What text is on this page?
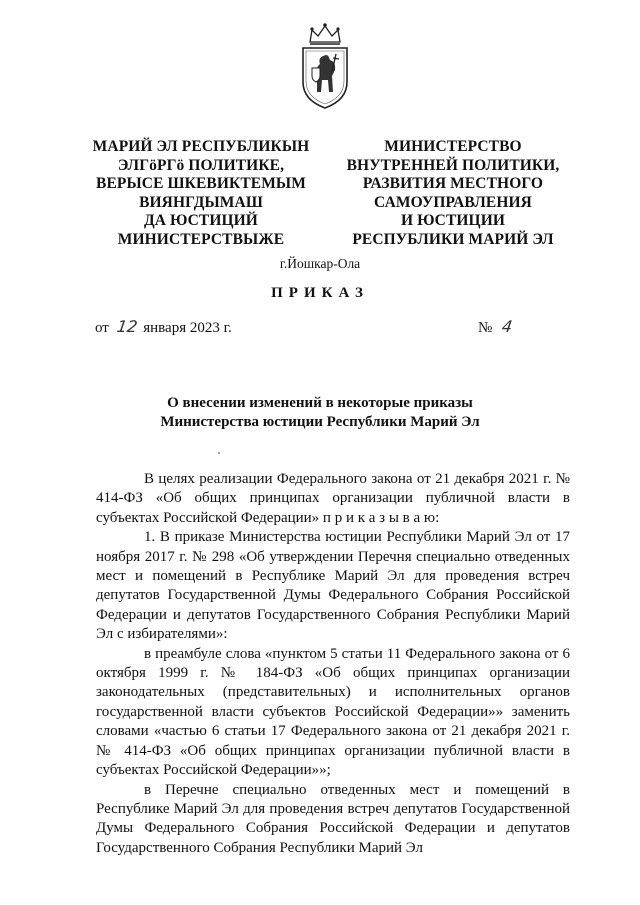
МАРИЙ ЭЛ РЕСПУБЛИКЫН
ЭЛГӧРГӧ ПОЛИТИКЕ,
ВЕРЫСЕ ШКЕВИКТЕМЫМ
ВИЯНГДЫМАШ
ДА ЮСТИЦИЙ
МИНИСТЕРСТВЫЖЕ
МИНИСТЕРСТВО
ВНУТРЕННЕЙ ПОЛИТИКИ,
РАЗВИТИЯ МЕСТНОГО
САМОУПРАВЛЕНИЯ
И ЮСТИЦИИ
РЕСПУБЛИКИ МАРИЙ ЭЛ
г.Йошкар-Ола
ПРИКАЗ
от 12 января 2023 г.	№ 4
О внесении изменений в некоторые приказы
Министерства юстиции Республики Марий Эл

В целях реализации Федерального закона от 21 декабря 2021 г. № 414-ФЗ «Об общих принципах организации публичной власти в субъектах Российской Федерации» п р и к а з ы в а ю:

1. В приказе Министерства юстиции Республики Марий Эл от 17 ноября 2017 г. № 298 «Об утверждении Перечня специально отведенных мест и помещений в Республике Марий Эл для проведения встреч депутатов Государственной Думы Федерального Собрания Российской Федерации и депутатов Государственного Собрания Республики Марий Эл с избирателями»:

в преамбуле слова «пунктом 5 статьи 11 Федерального закона от 6 октября 1999 г. № 184-ФЗ «Об общих принципах организации законодательных (представительных) и исполнительных органов государственной власти субъектов Российской Федерации»» заменить словами «частью 6 статьи 17 Федерального закона от 21 декабря 2021 г. № 414-ФЗ «Об общих принципах организации публичной власти в субъектах Российской Федерации»»;

в Перечне специально отведенных мест и помещений в Республике Марий Эл для проведения встреч депутатов Государственной Думы Федерального Собрания Российской Федерации и депутатов Государственного Собрания Республики Марий Эл
